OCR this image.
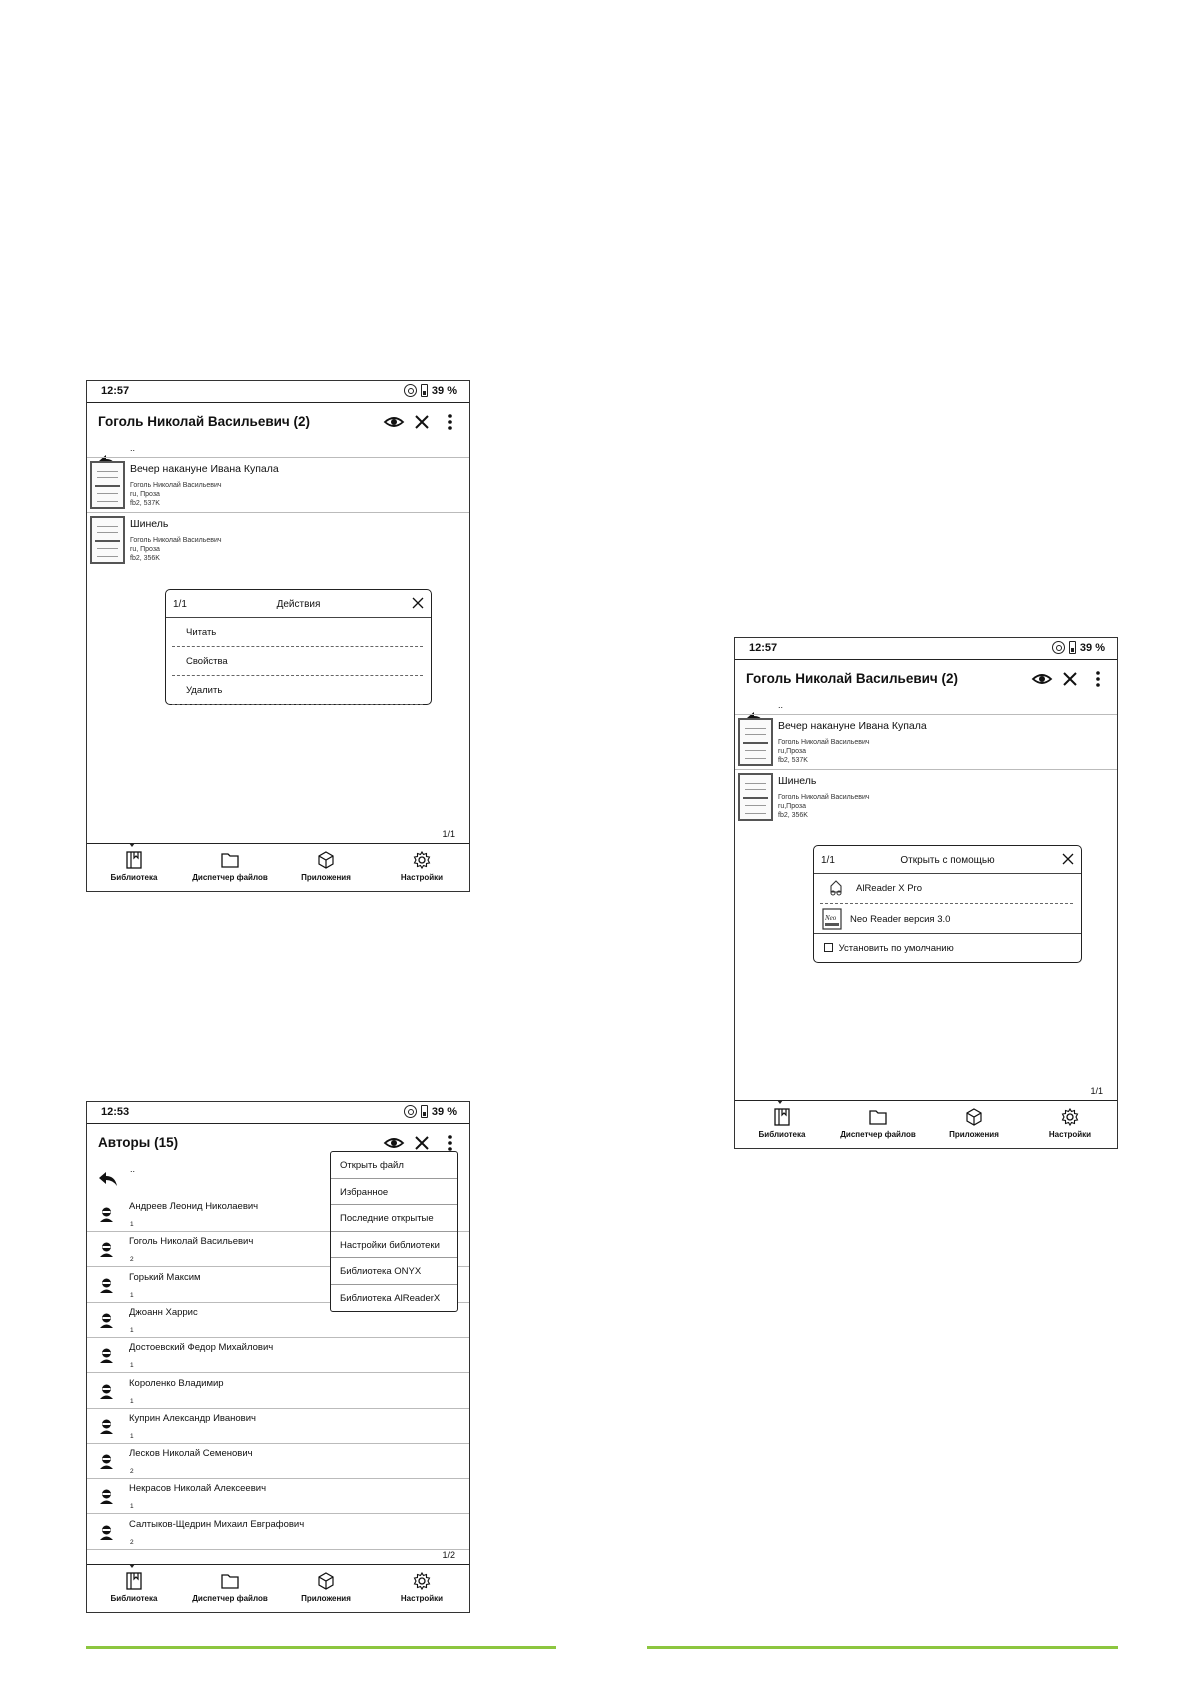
12:57	39 %
Гоголь Николай Васильевич (2)
..
Вечер накануне Ивана Купала
Гоголь Николай Васильевич
ru, Проза
fb2, 537K
Шинель
Гоголь Николай Васильевич
ru, Проза
fb2, 356K
1/1	Действия
Читать
Свойства
Удалить
1/1
Библиотека	Диспетчер файлов	Приложения	Настройки
12:57	39 %
Гоголь Николай Васильевич (2)
..
Вечер накануне Ивана Купала
Гоголь Николай Васильевич
ru,Проза
fb2, 537K
Шинель
Гоголь Николай Васильевич
ru,Проза
fb2, 356K
1/1	Открыть с помощью
AlReader X Pro
Neo Neo Reader версия 3.0
Установить по умолчанию
1/1
Библиотека	Диспетчер файлов	Приложения	Настройки
12:53	39 %
Авторы (15)
..
Андреев Леонид Николаевич
1
Гоголь Николай Васильевич
2
Горький Максим
1
Джоанн Харрис
1
Достоевский Федор Михайлович
1
Короленко Владимир
1
Куприн Александр Иванович
1
Лесков Николай Семенович
2
Некрасов Николай Алексеевич
1
Салтыков-Щедрин Михаил Евграфович
2
Открыть файл
Избранное
Последние открытые
Настройки библиотеки
Библиотека ONYX
Библиотека AlReaderX
1/2
Библиотека	Диспетчер файлов	Приложения	Настройки
